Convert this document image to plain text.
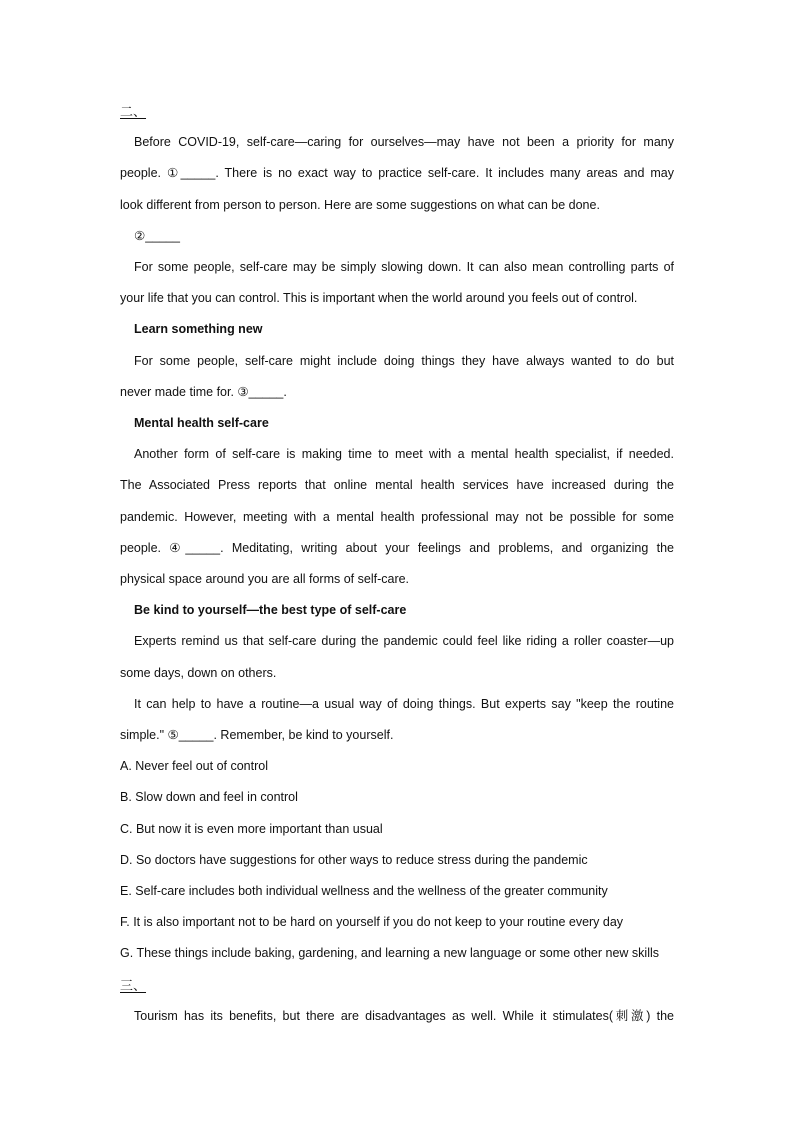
二、

Before COVID-19, self-care—caring for ourselves—may have not been a priority for many

people. ①_____. There is no exact way to practice self-care. It includes many areas and may

look different from person to person. Here are some suggestions on what can be done.

②_____

For some people, self-care may be simply slowing down. It can also mean controlling parts of

your life that you can control. This is important when the world around you feels out of control.

Learn something new

For some people, self-care might include doing things they have always wanted to do but

never made time for. ③_____.

Mental health self-care

Another form of self-care is making time to meet with a mental health specialist, if needed.

The Associated Press reports that online mental health services have increased during the

pandemic. However, meeting with a mental health professional may not be possible for some

people. ④_____. Meditating, writing about your feelings and problems, and organizing the

physical space around you are all forms of self-care.

Be kind to yourself—the best type of self-care

Experts remind us that self-care during the pandemic could feel like riding a roller coaster—up

some days, down on others.

It can help to have a routine—a usual way of doing things. But experts say "keep the routine

simple." ⑤_____. Remember, be kind to yourself.

A. Never feel out of control

B. Slow down and feel in control

C. But now it is even more important than usual

D. So doctors have suggestions for other ways to reduce stress during the pandemic

E. Self-care includes both individual wellness and the wellness of the greater community

F. It is also important not to be hard on yourself if you do not keep to your routine every day

G. These things include baking, gardening, and learning a new language or some other new skills

三、

Tourism has its benefits, but there are disadvantages as well. While it stimulates(刺激) the
